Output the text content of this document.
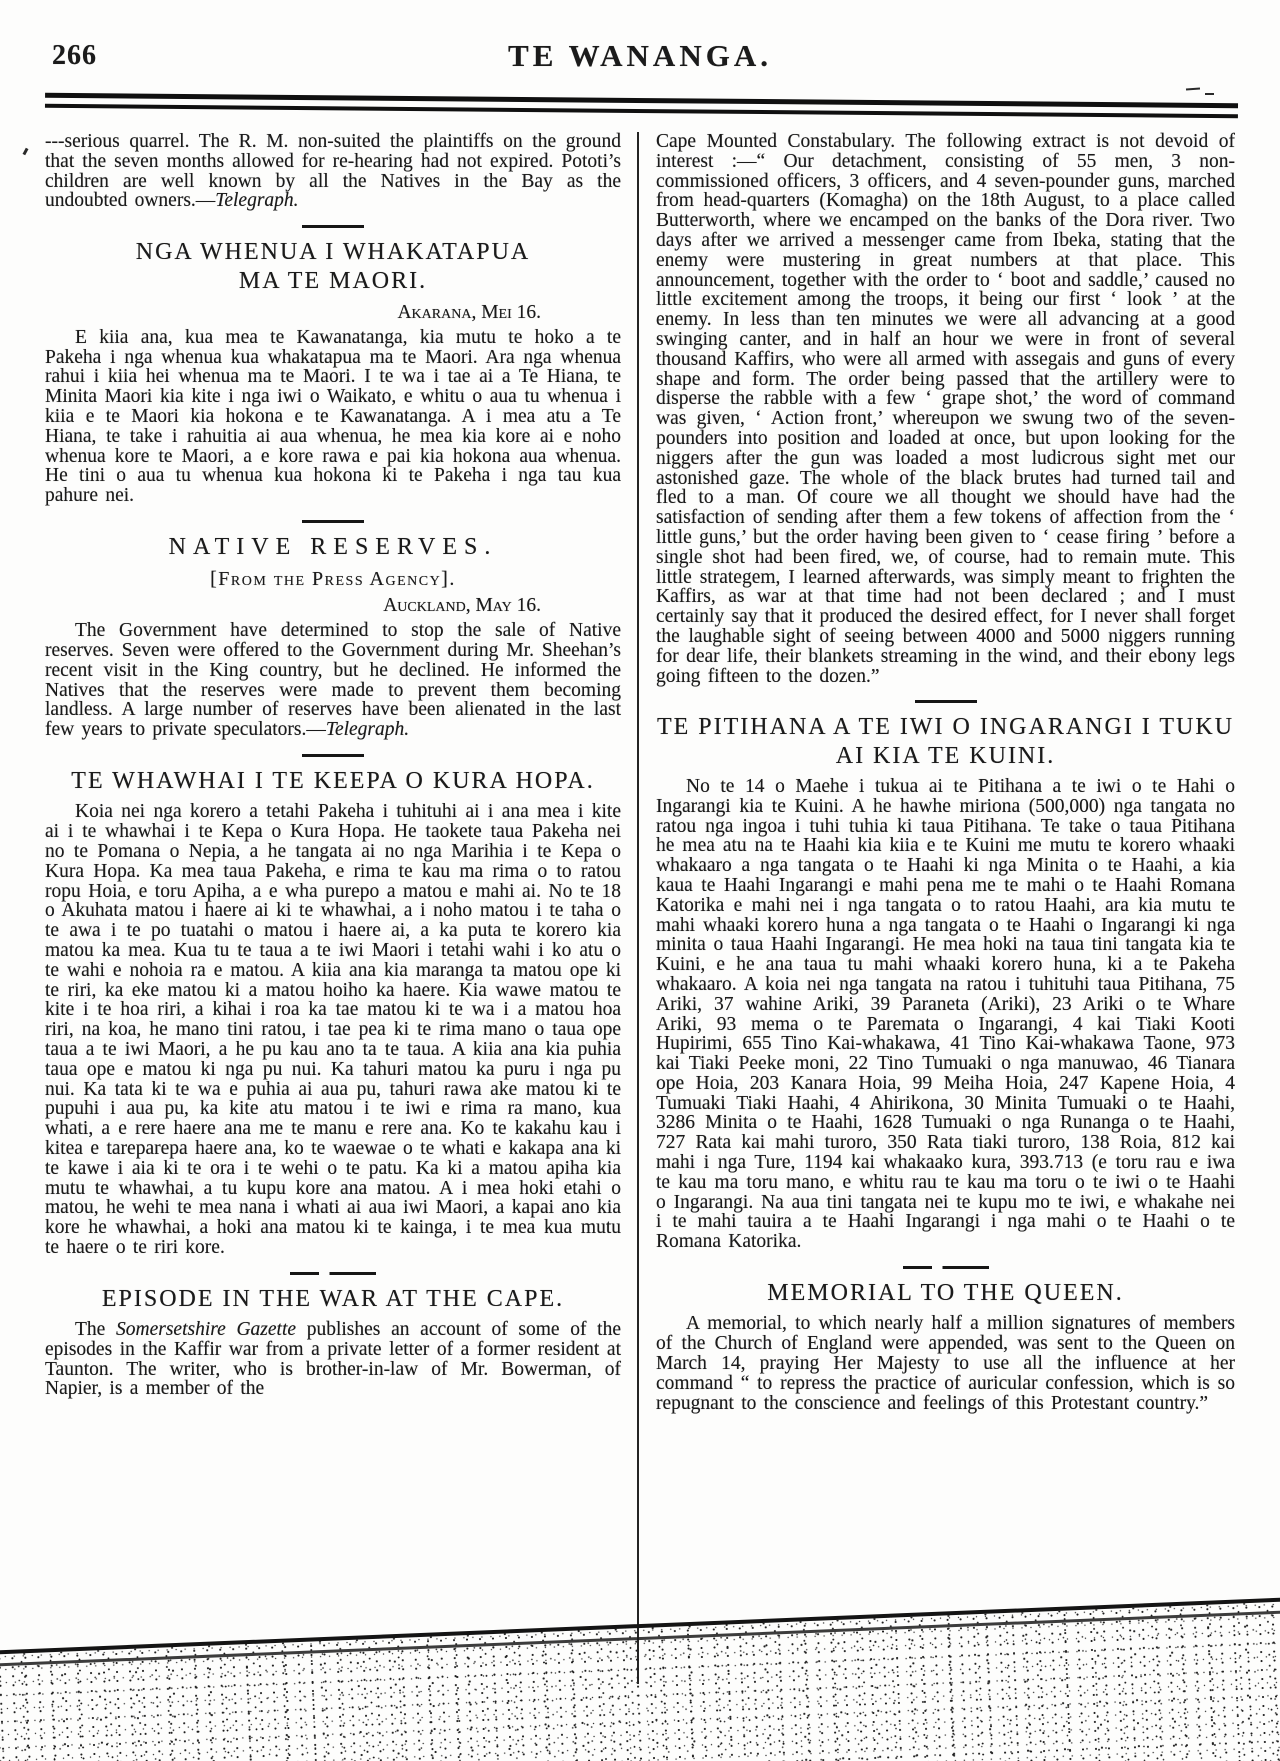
266	TE WANANGA.

---serious quarrel. The R. M. non-suited the plaintiffs on the ground that the seven months allowed for re-hearing had not expired. Pototi’s children are well known by all the Natives in the Bay as the undoubted owners.—Telegraph.

NGA WHENUA I WHAKATAPUA MA TE MAORI.
Akarana, Mei 16.

E kiia ana, kua mea te Kawanatanga, kia mutu te hoko a te Pakeha i nga whenua kua whakatapua ma te Maori. Ara nga whenua rahui i kiia hei whenua ma te Maori. I te wa i tae ai a Te Hiana, te Minita Maori kia kite i nga iwi o Waikato, e whitu o aua tu whenua i kiia e te Maori kia hokona e te Kawanatanga. A i mea atu a Te Hiana, te take i rahuitia ai aua whenua, he mea kia kore ai e noho whenua kore te Maori, a e kore rawa e pai kia hokona aua whenua. He tini o aua tu whenua kua hokona ki te Pakeha i nga tau kua pahure nei.

NATIVE RESERVES.
[From the Press Agency].
Auckland, May 16.

The Government have determined to stop the sale of Native reserves. Seven were offered to the Government during Mr. Sheehan’s recent visit in the King country, but he declined. He informed the Natives that the reserves were made to prevent them becoming landless. A large number of reserves have been alienated in the last few years to private speculators.—Telegraph.

TE WHAWHAI I TE KEEPA O KURA HOPA.

Koia nei nga korero a tetahi Pakeha i tuhituhi ai i ana mea i kite ai i te whawhai i te Kepa o Kura Hopa. He taokete taua Pakeha nei no te Pomana o Nepia, a he tangata ai no nga Marihia i te Kepa o Kura Hopa. Ka mea taua Pakeha, e rima te kau ma rima o to ratou ropu Hoia, e toru Apiha, a e wha purepo a matou e mahi ai. No te 18 o Akuhata matou i haere ai ki te whawhai, a i noho matou i te taha o te awa i te po tuatahi o matou i haere ai, a ka puta te korero kia matou ka mea. Kua tu te taua a te iwi Maori i tetahi wahi i ko atu o te wahi e nohoia ra e matou. A kiia ana kia maranga ta matou ope ki te riri, ka eke matou ki a matou hoiho ka haere. Kia wawe matou te kite i te hoa riri, a kihai i roa ka tae matou ki te wa i a matou hoa riri, na koa, he mano tini ratou, i tae pea ki te rima mano o taua ope taua a te iwi Maori, a he pu kau ano ta te taua. A kiia ana kia puhia taua ope e matou ki nga pu nui. Ka tahuri matou ka puru i nga pu nui. Ka tata ki te wa e puhia ai aua pu, tahuri rawa ake matou ki te pupuhi i aua pu, ka kite atu matou i te iwi e rima ra mano, kua whati, a e rere haere ana me te manu e rere ana. Ko te kakahu kau i kitea e tareparepa haere ana, ko te waewae o te whati e kakapa ana ki te kawe i aia ki te ora i te wehi o te patu. Ka ki a matou apiha kia mutu te whawhai, a tu kupu kore ana matou. A i mea hoki etahi o matou, he wehi te mea nana i whati ai aua iwi Maori, a kapai ano kia kore he whawhai, a hoki ana matou ki te kainga, i te mea kua mutu te haere o te riri kore.

EPISODE IN THE WAR AT THE CAPE.

The Somersetshire Gazette publishes an account of some of the episodes in the Kaffir war from a private letter of a former resident at Taunton. The writer, who is brother-in-law of Mr. Bowerman, of Napier, is a member of the

Cape Mounted Constabulary. The following extract is not devoid of interest :—“ Our detachment, consisting of 55 men, 3 non-commissioned officers, 3 officers, and 4 seven-pounder guns, marched from head-quarters (Komagha) on the 18th August, to a place called Butterworth, where we encamped on the banks of the Dora river. Two days after we arrived a messenger came from Ibeka, stating that the enemy were mustering in great numbers at that place. This announcement, together with the order to ‘ boot and saddle,’ caused no little excitement among the troops, it being our first ‘ look ’ at the enemy. In less than ten minutes we were all advancing at a good swinging canter, and in half an hour we were in front of several thousand Kaffirs, who were all armed with assegais and guns of every shape and form. The order being passed that the artillery were to disperse the rabble with a few ‘ grape shot,’ the word of command was given, ‘ Action front,’ whereupon we swung two of the seven-pounders into position and loaded at once, but upon looking for the niggers after the gun was loaded a most ludicrous sight met our astonished gaze. The whole of the black brutes had turned tail and fled to a man. Of coure we all thought we should have had the satisfaction of sending after them a few tokens of affection from the ‘ little guns,’ but the order having been given to ‘ cease firing ’ before a single shot had been fired, we, of course, had to remain mute. This little strategem, I learned afterwards, was simply meant to frighten the Kaffirs, as war at that time had not been declared ; and I must certainly say that it produced the desired effect, for I never shall forget the laughable sight of seeing between 4000 and 5000 niggers running for dear life, their blankets streaming in the wind, and their ebony legs going fifteen to the dozen.”

TE PITIHANA A TE IWI O INGARANGI I TUKU AI KIA TE KUINI.

No te 14 o Maehe i tukua ai te Pitihana a te iwi o te Hahi o Ingarangi kia te Kuini. A he hawhe miriona (500,000) nga tangata no ratou nga ingoa i tuhi tuhia ki taua Pitihana. Te take o taua Pitihana he mea atu na te Haahi kia kiia e te Kuini me mutu te korero whaaki whakaaro a nga tangata o te Haahi ki nga Minita o te Haahi, a kia kaua te Haahi Ingarangi e mahi pena me te mahi o te Haahi Romana Katorika e mahi nei i nga tangata o to ratou Haahi, ara kia mutu te mahi whaaki korero huna a nga tangata o te Haahi o Ingarangi ki nga minita o taua Haahi Ingarangi. He mea hoki na taua tini tangata kia te Kuini, e he ana taua tu mahi whaaki korero huna, ki a te Pakeha whakaaro. A koia nei nga tangata na ratou i tuhituhi taua Pitihana, 75 Ariki, 37 wahine Ariki, 39 Paraneta (Ariki), 23 Ariki o te Whare Ariki, 93 mema o te Paremata o Ingarangi, 4 kai Tiaki Kooti Hupirimi, 655 Tino Kai-whakawa, 41 Tino Kai-whakawa Taone, 973 kai Tiaki Peeke moni, 22 Tino Tumuaki o nga manuwao, 46 Tianara ope Hoia, 203 Kanara Hoia, 99 Meiha Hoia, 247 Kapene Hoia, 4 Tumuaki Tiaki Haahi, 4 Ahirikona, 30 Minita Tumuaki o te Haahi, 3286 Minita o te Haahi, 1628 Tumuaki o nga Runanga o te Haahi, 727 Rata kai mahi turoro, 350 Rata tiaki turoro, 138 Roia, 812 kai mahi i nga Ture, 1194 kai whakaako kura, 393.713 (e toru rau e iwa te kau ma toru mano, e whitu rau te kau ma toru o te iwi o te Haahi o Ingarangi. Na aua tini tangata nei te kupu mo te iwi, e whakahe nei i te mahi tauira a te Haahi Ingarangi i nga mahi o te Haahi o te Romana Katorika.

MEMORIAL TO THE QUEEN.

A memorial, to which nearly half a million signatures of members of the Church of England were appended, was sent to the Queen on March 14, praying Her Majesty to use all the influence at her command “ to repress the practice of auricular confession, which is so repugnant to the conscience and feelings of this Protestant country.”
